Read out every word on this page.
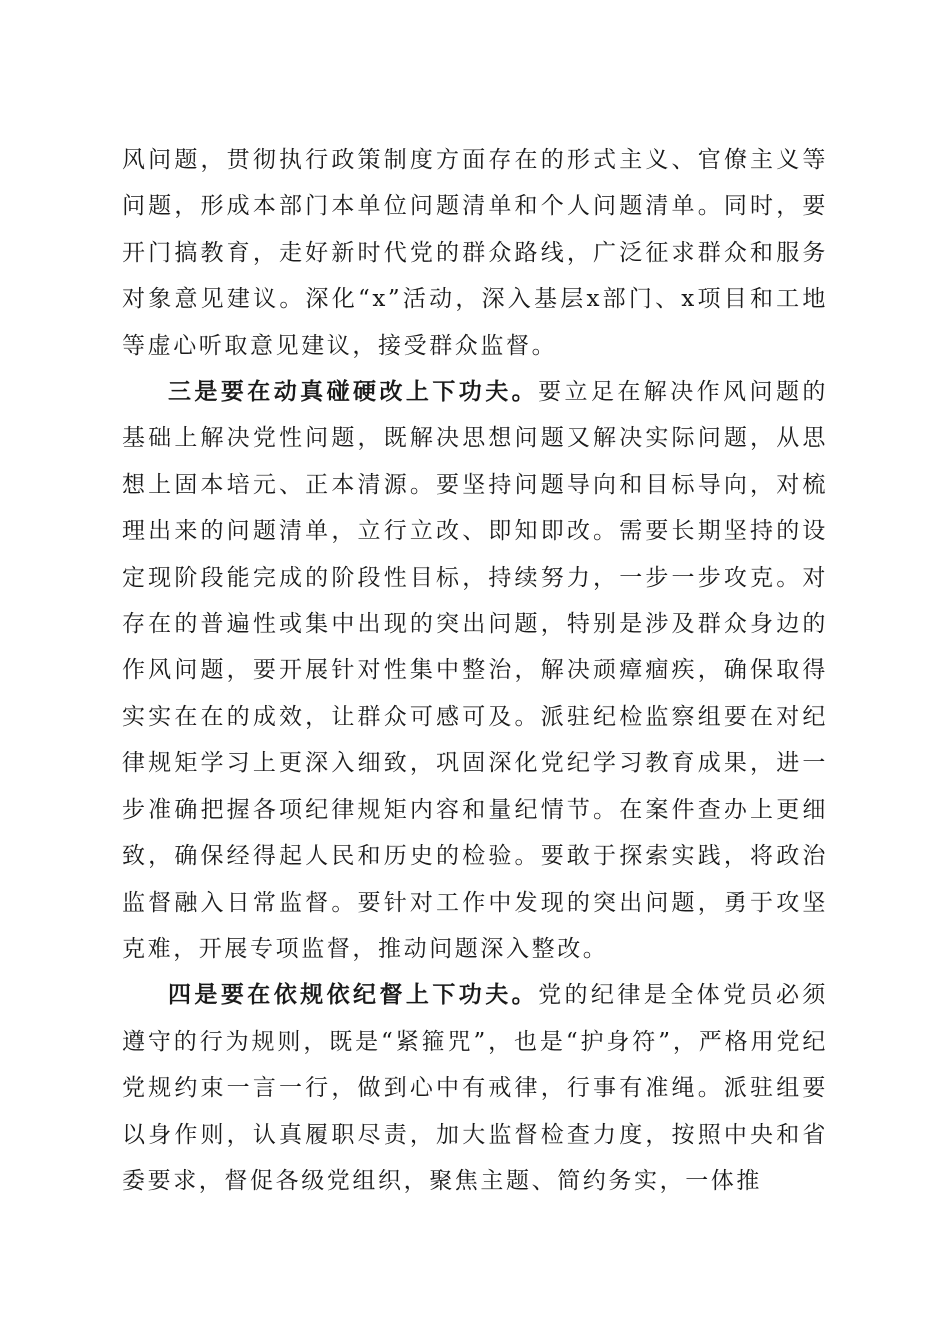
风问题，贯彻执行政策制度方面存在的形式主义、官僚主义等问题，形成本部门本单位问题清单和个人问题清单。同时，要开门搞教育，走好新时代党的群众路线，广泛征求群众和服务对象意见建议。深化“x”活动，深入基层x部门、x项目和工地等虚心听取意见建议，接受群众监督。

三是要在动真碰硬改上下功夫。要立足在解决作风问题的基础上解决党性问题，既解决思想问题又解决实际问题，从思想上固本培元、正本清源。要坚持问题导向和目标导向，对梳理出来的问题清单，立行立改、即知即改。需要长期坚持的设定现阶段能完成的阶段性目标，持续努力，一步一步攻克。对存在的普遍性或集中出现的突出问题，特别是涉及群众身边的作风问题，要开展针对性集中整治，解决顽瘴痼疾，确保取得实实在在的成效，让群众可感可及。派驻纪检监察组要在对纪律规矩学习上更深入细致，巩固深化党纪学习教育成果，进一步准确把握各项纪律规矩内容和量纪情节。在案件查办上更细致，确保经得起人民和历史的检验。要敢于探索实践，将政治监督融入日常监督。要针对工作中发现的突出问题，勇于攻坚克难，开展专项监督，推动问题深入整改。

四是要在依规依纪督上下功夫。党的纪律是全体党员必须遵守的行为规则，既是“紧箍咒”，也是“护身符”，严格用党纪党规约束一言一行，做到心中有戒律，行事有准绳。派驻组要以身作则，认真履职尽责，加大监督检查力度，按照中央和省委要求，督促各级党组织，聚焦主题、简约务实，一体推
